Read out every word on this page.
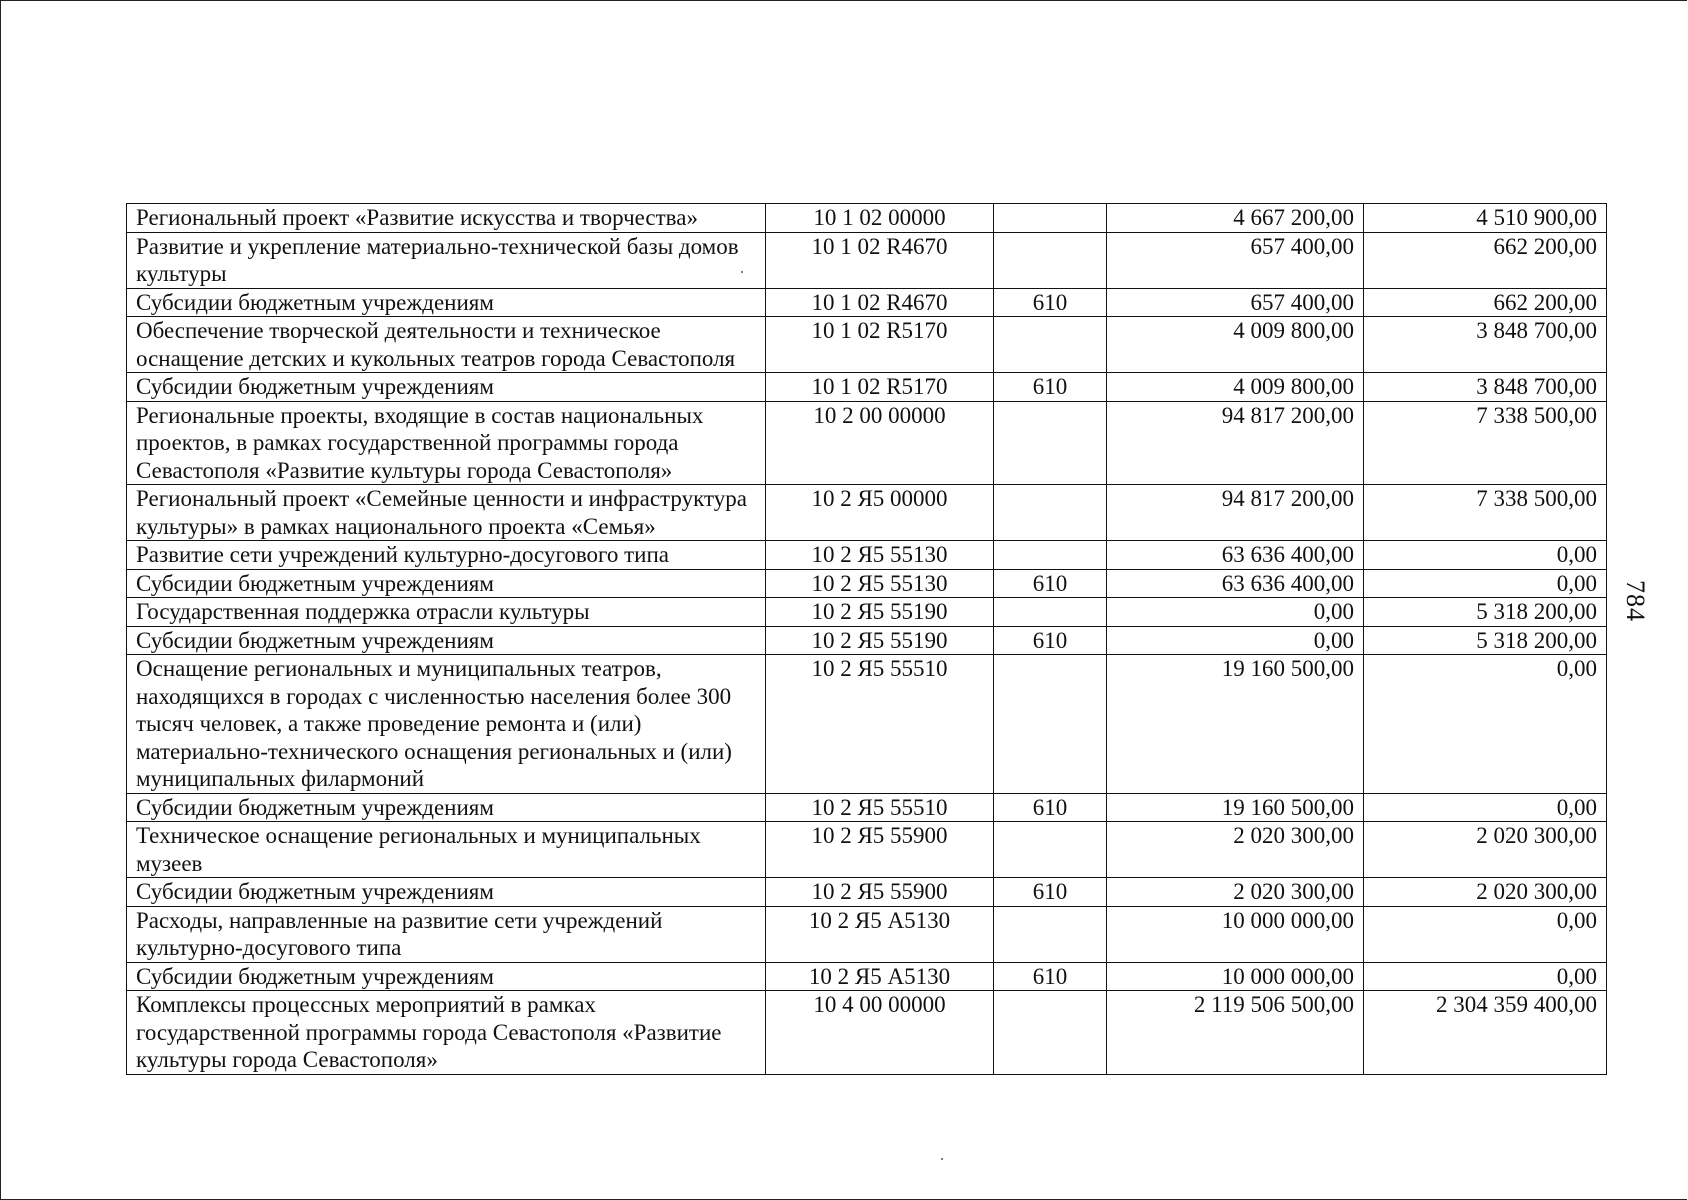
Региональный проект «Развитие искусства и творчества»	10 1 02 00000		4 667 200,00	4 510 900,00
Развитие и укрепление материально-технической базы домов культуры	10 1 02 R4670		657 400,00	662 200,00
Субсидии бюджетным учреждениям	10 1 02 R4670	610	657 400,00	662 200,00
Обеспечение творческой деятельности и техническое оснащение детских и кукольных театров города Севастополя	10 1 02 R5170		4 009 800,00	3 848 700,00
Субсидии бюджетным учреждениям	10 1 02 R5170	610	4 009 800,00	3 848 700,00
Региональные проекты, входящие в состав национальных проектов, в рамках государственной программы города Севастополя «Развитие культуры города Севастополя»	10 2 00 00000		94 817 200,00	7 338 500,00
Региональный проект «Семейные ценности и инфраструктура культуры» в рамках национального проекта «Семья»	10 2 Я5 00000		94 817 200,00	7 338 500,00
Развитие сети учреждений культурно-досугового типа	10 2 Я5 55130		63 636 400,00	0,00
Субсидии бюджетным учреждениям	10 2 Я5 55130	610	63 636 400,00	0,00
Государственная поддержка отрасли культуры	10 2 Я5 55190		0,00	5 318 200,00
Субсидии бюджетным учреждениям	10 2 Я5 55190	610	0,00	5 318 200,00
Оснащение региональных и муниципальных театров, находящихся в городах с численностью населения более 300 тысяч человек, а также проведение ремонта и (или) материально-технического оснащения региональных и (или) муниципальных филармоний	10 2 Я5 55510		19 160 500,00	0,00
Субсидии бюджетным учреждениям	10 2 Я5 55510	610	19 160 500,00	0,00
Техническое оснащение региональных и муниципальных музеев	10 2 Я5 55900		2 020 300,00	2 020 300,00
Субсидии бюджетным учреждениям	10 2 Я5 55900	610	2 020 300,00	2 020 300,00
Расходы, направленные на развитие сети учреждений культурно-досугового типа	10 2 Я5 А5130		10 000 000,00	0,00
Субсидии бюджетным учреждениям	10 2 Я5 А5130	610	10 000 000,00	0,00
Комплексы процессных мероприятий в рамках государственной программы города Севастополя «Развитие культуры города Севастополя»	10 4 00 00000		2 119 506 500,00	2 304 359 400,00
784
